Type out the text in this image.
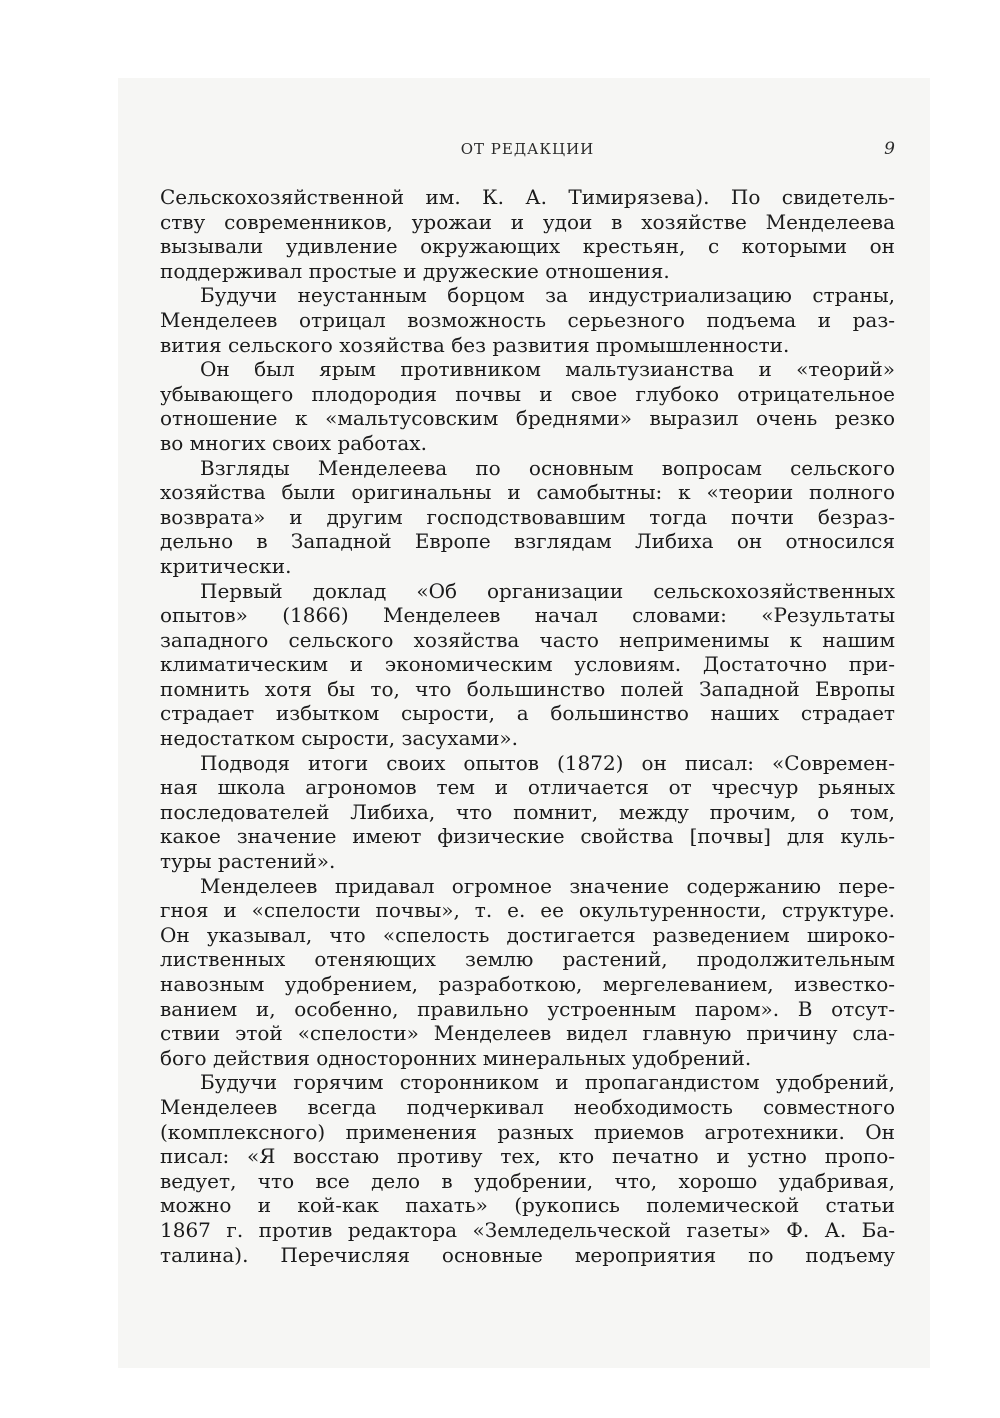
ОТ РЕДАКЦИИ	9
Сельскохозяйственной им. К. А. Тимирязева). По свидетель-
ству современников, урожаи и удои в хозяйстве Менделеева
вызывали удивление окружающих крестьян, с которыми он
поддерживал простые и дружеские отношения.
Будучи неустанным борцом за индустриализацию страны,
Менделеев отрицал возможность серьезного подъема и раз-
вития сельского хозяйства без развития промышленности.
Он был ярым противником мальтузианства и «теорий»
убывающего плодородия почвы и свое глубоко отрицательное
отношение к «мальтусовским бреднями» выразил очень резко
во многих своих работах.
Взгляды Менделеева по основным вопросам сельского
хозяйства были оригинальны и самобытны: к «теории полного
возврата» и другим господствовавшим тогда почти безраз-
дельно в Западной Европе взглядам Либиха он относился
критически.
Первый доклад «Об организации сельскохозяйственных
опытов» (1866) Менделеев начал словами: «Результаты
западного сельского хозяйства часто неприменимы к нашим
климатическим и экономическим условиям. Достаточно при-
помнить хотя бы то, что большинство полей Западной Европы
страдает избытком сырости, а большинство наших страдает
недостатком сырости, засухами».
Подводя итоги своих опытов (1872) он писал: «Современ-
ная школа агрономов тем и отличается от чресчур рьяных
последователей Либиха, что помнит, между прочим, о том,
какое значение имеют физические свойства [почвы] для куль-
туры растений».
Менделеев придавал огромное значение содержанию пере-
гноя и «спелости почвы», т. е. ее окультуренности, структуре.
Он указывал, что «спелость достигается разведением широко-
лиственных отеняющих землю растений, продолжительным
навозным удобрением, разработкою, мергелеванием, известко-
ванием и, особенно, правильно устроенным паром». В отсут-
ствии этой «спелости» Менделеев видел главную причину сла-
бого действия односторонних минеральных удобрений.
Будучи горячим сторонником и пропагандистом удобрений,
Менделеев всегда подчеркивал необходимость совместного
(комплексного) применения разных приемов агротехники. Он
писал: «Я восстаю противу тех, кто печатно и устно пропо-
ведует, что все дело в удобрении, что, хорошо удабривая,
можно и кой-как пахать» (рукопись полемической статьи
1867 г. против редактора «Земледельческой газеты» Ф. А. Ба-
талина). Перечисляя основные мероприятия по подъему
